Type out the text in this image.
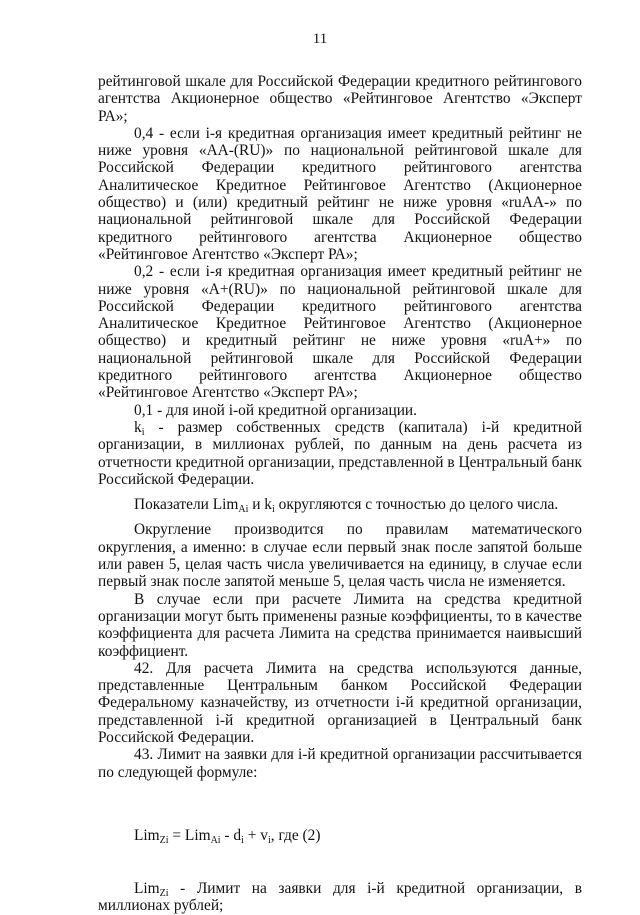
11

рейтинговой шкале для Российской Федерации кредитного рейтингового агентства Акционерное общество «Рейтинговое Агентство «Эксперт РА»;

0,4 - если i-я кредитная организация имеет кредитный рейтинг не ниже уровня «AA-(RU)» по национальной рейтинговой шкале для Российской Федерации кредитного рейтингового агентства Аналитическое Кредитное Рейтинговое Агентство (Акционерное общество) и (или) кредитный рейтинг не ниже уровня «ruAA-» по национальной рейтинговой шкале для Российской Федерации кредитного рейтингового агентства Акционерное общество «Рейтинговое Агентство «Эксперт РА»;

0,2 - если i-я кредитная организация имеет кредитный рейтинг не ниже уровня «A+(RU)» по национальной рейтинговой шкале для Российской Федерации кредитного рейтингового агентства Аналитическое Кредитное Рейтинговое Агентство (Акционерное общество) и кредитный рейтинг не ниже уровня «ruA+» по национальной рейтинговой шкале для Российской Федерации кредитного рейтингового агентства Акционерное общество «Рейтинговое Агентство «Эксперт РА»;

0,1 - для иной i-ой кредитной организации.

$k_i$ - размер собственных средств (капитала) i-й кредитной организации, в миллионах рублей, по данным на день расчета из отчетности кредитной организации, представленной в Центральный банк Российской Федерации.

Показатели Lim$_{Ai}$ и $k_i$ округляются с точностью до целого числа.

Округление производится по правилам математического округления, а именно: в случае если первый знак после запятой больше или равен 5, целая часть числа увеличивается на единицу, в случае если первый знак после запятой меньше 5, целая часть числа не изменяется.

В случае если при расчете Лимита на средства кредитной организации могут быть применены разные коэффициенты, то в качестве коэффициента для расчета Лимита на средства принимается наивысший коэффициент.

42. Для расчета Лимита на средства используются данные, представленные Центральным банком Российской Федерации Федеральному казначейству, из отчетности i-й кредитной организации, представленной i-й кредитной организацией в Центральный банк Российской Федерации.

43. Лимит на заявки для i-й кредитной организации рассчитывается по следующей формуле:

$Lim_{Zi} = Lim_{Ai} - d_i + v_i$, где (2)

Lim$_{Zi}$ - Лимит на заявки для i-й кредитной организации, в миллионах рублей;
